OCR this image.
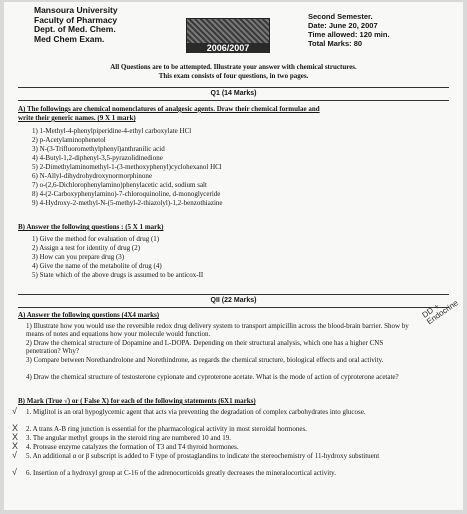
Mansoura University
Faculty of Pharmacy
Dept. of Med. Chem.
Med Chem Exam.
2006/2007
Second Semester.
Date: June 20, 2007
Time allowed: 120 min.
Total Marks: 80
All Questions are to be attempted. Illustrate your answer with chemical structures.
This exam consists of four questions, in two pages.
Q1 (14 Marks)
A) The followings are chemical nomenclatures of analgesic agents. Draw their chemical formulae and
write their generic names. (9 X 1 mark)
1) 1-Methyl-4-phenylpiperidine-4-ethyl carboxylate HCl
2) p-Acetylaminophenetol
3) N-(3-Trifluoromethylphenyl)anthranilic acid
4) 4-Butyl-1,2-diphenyl-3,5-pyrazolidinedione
5) 2-Dimethylaminomethyl-1-(3-methoxyphenyl)cyclohexanol HCl
6) N-Allyl-dihydrohydroxynormorphinone
7) o-(2,6-Dichlorophenylamino)phenylacetic acid, sodium salt
8) 4-(2-Carboxyphenylamino)-7-chloroquinoline, d-monoglyceride
9) 4-Hydroxy-2-methyl-N-(5-methyl-2-thiazolyl)-1,2-benzothiazine
B) Answer the following questions : (5 X 1 mark)
1) Give the method for evaluation of drug (1)
2) Assign a test for identity of drug (2)
3) How can you prepare drug (3)
4) Give the name of the metabolite of drug (4)
5) State which of the above drugs is assumed to be anticox-II
QII (22 Marks)
A) Answer the following questions (4X4 marks)
1) Illustrate how you would use the reversible redox drug delivery system to transport ampicillin across the blood-brain barrier. Show by means of notes and equations how your molecule would function.
2) Draw the chemical structure of Dopamine and L-DOPA. Depending on their structural analysis, which one has a higher CNS penetration? Why?
3) Compare between Norethandrolone and Norethindrone, as regards the chemical structure, biological effects and oral activity.
4) Draw the chemical structure of testosterone cypionate and cyproterone acetate. What is the mode of action of cyproterone acetate?
B) Mark (True √) or ( False X) for each of the following statements (6X1 marks)
1. Miglitol is an oral hypoglycemic agent that acts via preventing the degradation of complex carbohydrates into glucose.
2. A trans A-B ring junction is essential for the pharmacological activity in most steroidal hormones.
3. The angular methyl groups in the steroid ring are numbered 10 and 19.
4. Protease enzyme catalyzes the formation of T3 and T4 thyroid hormones.
5. An additional α or β subscript is added to F type of prostaglandins to indicate the stereochemistry of 11-hydroxy substituent
6. Insertion of a hydroxyl group at C-16 of the adrenocorticoids greatly decreases the mineralocortical activity.
√
X
X
X
√
√
DD + Endocrine
